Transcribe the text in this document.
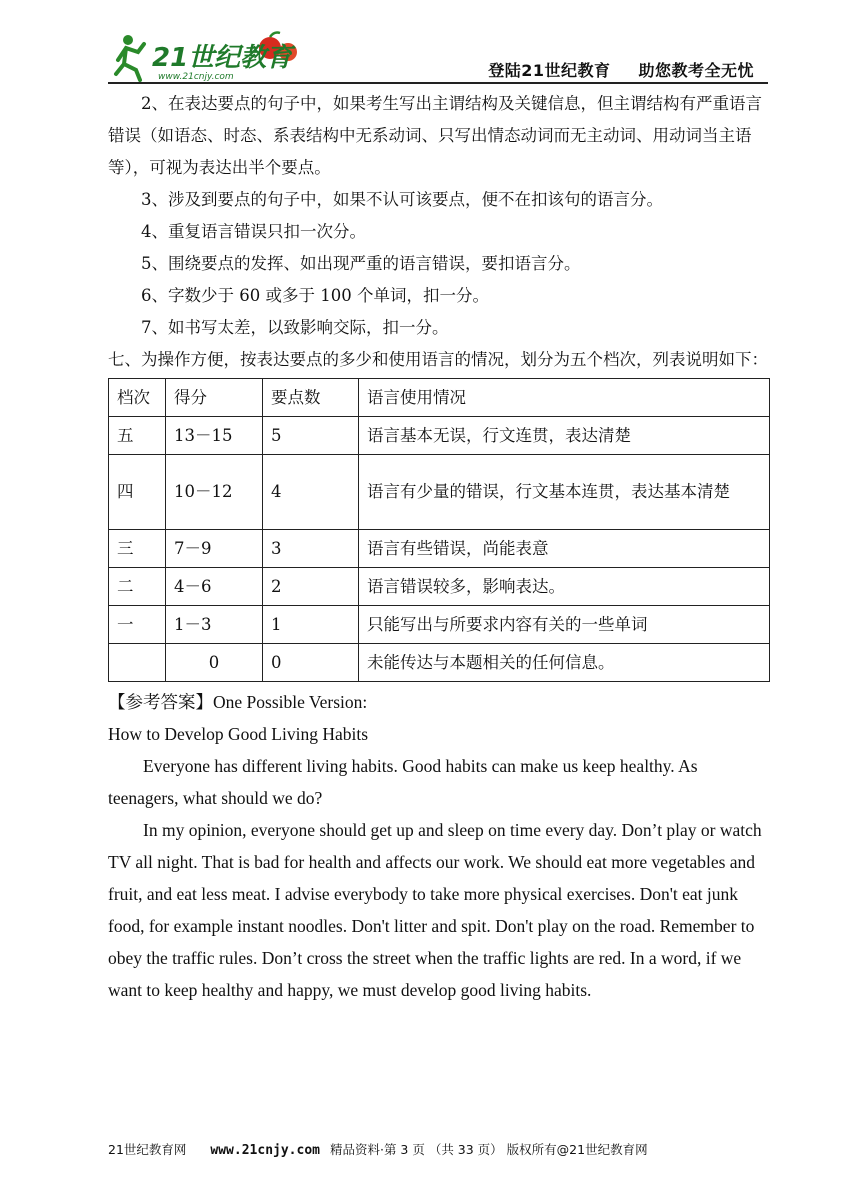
21世纪教育
www.21cnjy.com	登陆21世纪教育 助您教考全无忧

2、在表达要点的句子中，如果考生写出主谓结构及关键信息，但主谓结构有严重语言错误（如语态、时态、系表结构中无系动词、只写出情态动词而无主动词、用动词当主语等），可视为表达出半个要点。

3、涉及到要点的句子中，如果不认可该要点，便不在扣该句的语言分。

4、重复语言错误只扣一次分。

5、围绕要点的发挥、如出现严重的语言错误，要扣语言分。

6、字数少于 60 或多于 100 个单词，扣一分。

7、如书写太差，以致影响交际，扣一分。

七、为操作方便，按表达要点的多少和使用语言的情况，划分为五个档次，列表说明如下：

档次	得分	要点数	语言使用情况
五	13－15	5	语言基本无误，行文连贯，表达清楚
四	10－12	4	语言有少量的错误，行文基本连贯，表达基本清楚
三	7－9	3	语言有些错误，尚能表意
二	4－6	2	语言错误较多，影响表达。
一	1－3	1	只能写出与所要求内容有关的一些单词
	0	0	未能传达与本题相关的任何信息。

【参考答案】One Possible Version:

How to Develop Good Living Habits

Everyone has different living habits. Good habits can make us keep healthy. As teenagers, what should we do?

In my opinion, everyone should get up and sleep on time every day. Don’t play or watch TV all night. That is bad for health and affects our work. We should eat more vegetables and fruit, and eat less meat. I advise everybody to take more physical exercises. Don't eat junk food, for example instant noodles. Don't litter and spit. Don't play on the road. Remember to obey the traffic rules. Don’t cross the street when the traffic lights are red. In a word, if we want to keep healthy and happy, we must develop good living habits.

21世纪教育网 www.21cnjy.com 精品资料·第 3 页 （共 33 页） 版权所有@21世纪教育网
